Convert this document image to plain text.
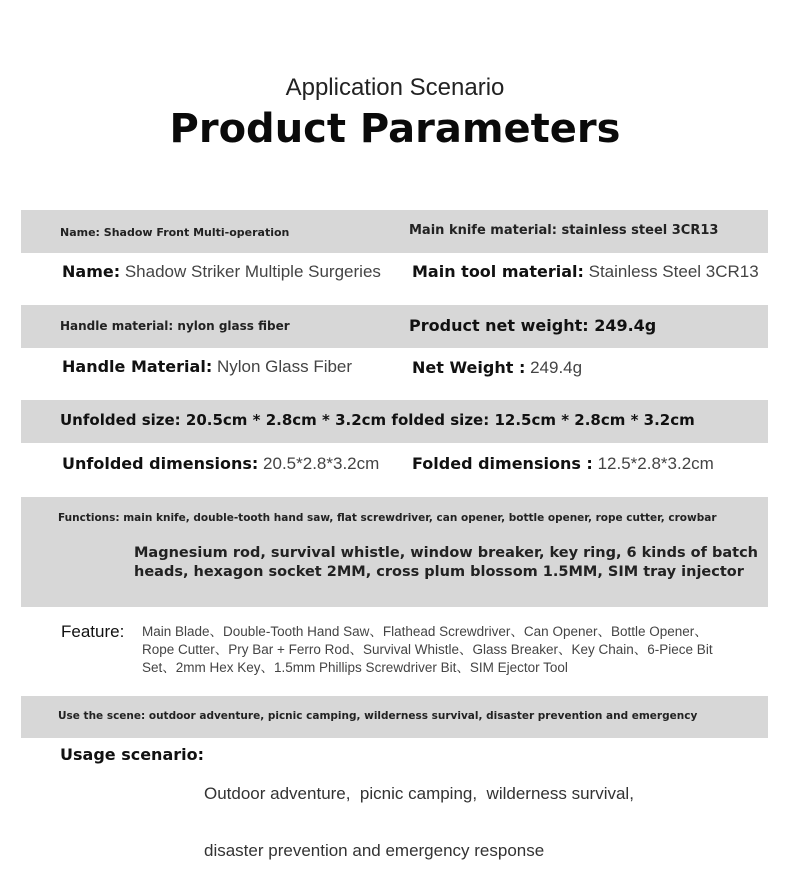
Application Scenario
Product Parameters
Name: Shadow Front Multi-operation	Main knife material: stainless steel 3CR13
Name: Shadow Striker Multiple Surgeries Main tool material: Stainless Steel 3CR13
Handle material: nylon glass fiber	Product net weight: 249.4g
Handle Material: Nylon Glass Fiber	Net Weight : 249.4g
Unfolded size: 20.5cm * 2.8cm * 3.2cm folded size: 12.5cm * 2.8cm * 3.2cm
Unfolded dimensions: 20.5*2.8*3.2cm Folded dimensions : 12.5*2.8*3.2cm
Functions: main knife, double-tooth hand saw, flat screwdriver, can opener, bottle opener, rope cutter, crowbar
Magnesium rod, survival whistle, window breaker, key ring, 6 kinds of batch
heads, hexagon socket 2MM, cross plum blossom 1.5MM, SIM tray injector
Feature: Main Blade、Double-Tooth Hand Saw、Flathead Screwdriver、Can Opener、Bottle Opener、
Rope Cutter、Pry Bar + Ferro Rod、Survival Whistle、Glass Breaker、Key Chain、6-Piece Bit
Set、2mm Hex Key、1.5mm Phillips Screwdriver Bit、SIM Ejector Tool
Use the scene: outdoor adventure, picnic camping, wilderness survival, disaster prevention and emergency
Usage scenario:

Outdoor adventure,  picnic camping,  wilderness survival,

disaster prevention and emergency response
